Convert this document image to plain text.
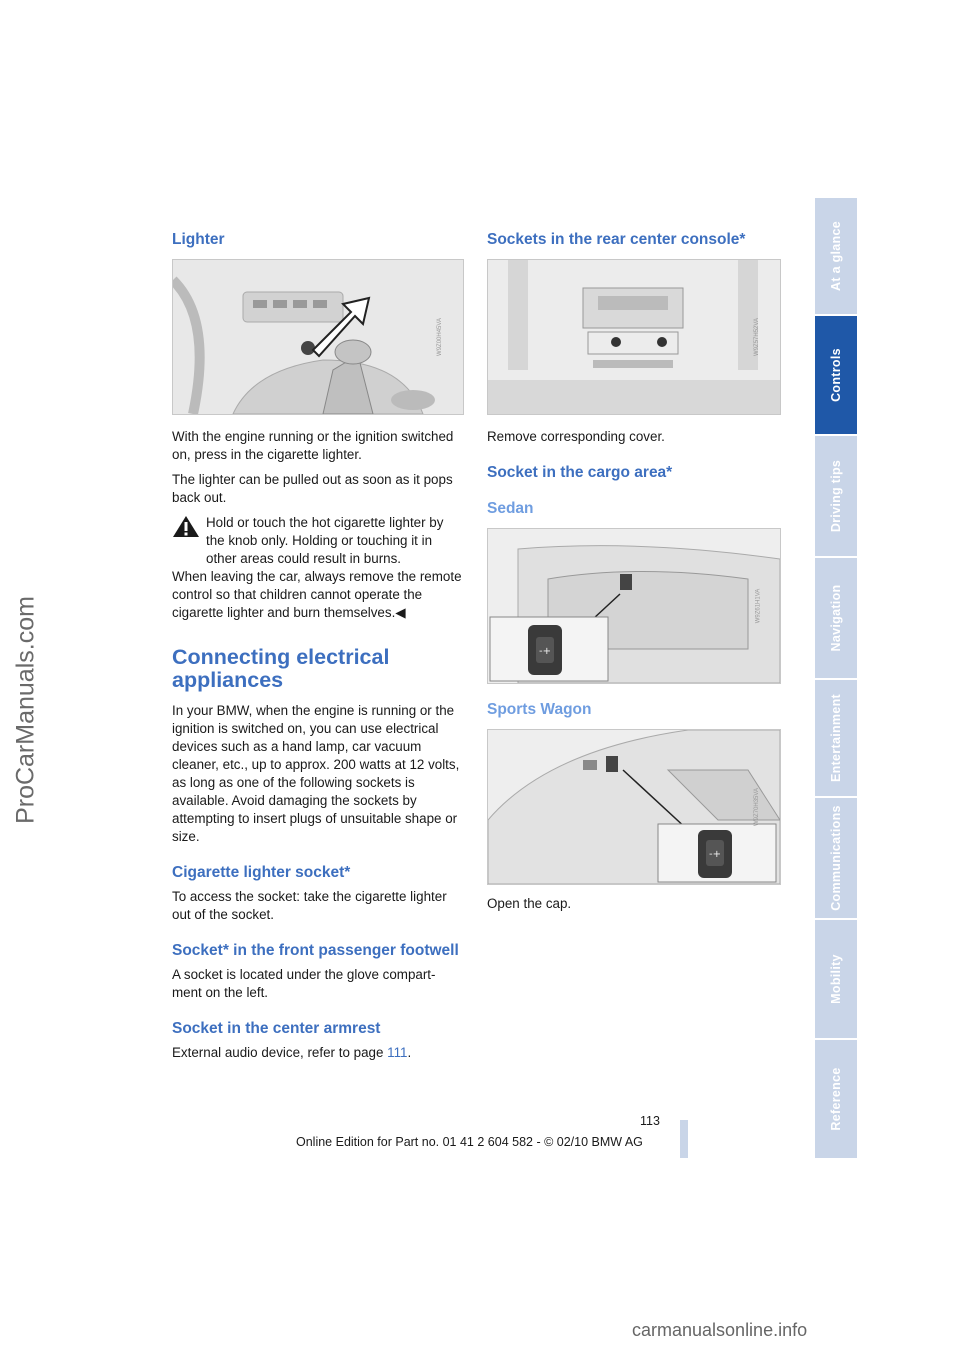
ProCarManuals.com
Lighter
W9Z00H45VA

With the engine running or the ignition switched on, press in the cigarette lighter.

The lighter can be pulled out as soon as it pops back out.

Hold or touch the hot cigarette lighter by the knob only. Holding or touching it in other areas could result in burns.

When leaving the car, always remove the remote control so that children cannot operate the cigarette lighter and burn themselves.◀

Connecting electrical appliances

In your BMW, when the engine is running or the ignition is switched on, you can use electrical devices such as a hand lamp, car vacuum cleaner, etc., up to approx. 200 watts at 12 volts, as long as one of the following sockets is available. Avoid damaging the sockets by attempting to insert plugs of unsuitable shape or size.

Cigarette lighter socket*

To access the socket: take the cigarette lighter out of the socket.

Socket* in the front passenger footwell

A socket is located under the glove compart-ment on the left.

Socket in the center armrest

External audio device, refer to page 111.

Sockets in the rear center console*
W9Z57H52VA

Remove corresponding cover.

Socket in the cargo area*
Sedan
-+
W9Z61H1VA
Sports Wagon
-+
W9Z70H35VA

Open the cap.

At a glance
Controls
Driving tips
Navigation
Entertainment
Communications
Mobility
Reference
113
Online Edition for Part no. 01 41 2 604 582 - © 02/10 BMW AG
carmanualsonline.info
